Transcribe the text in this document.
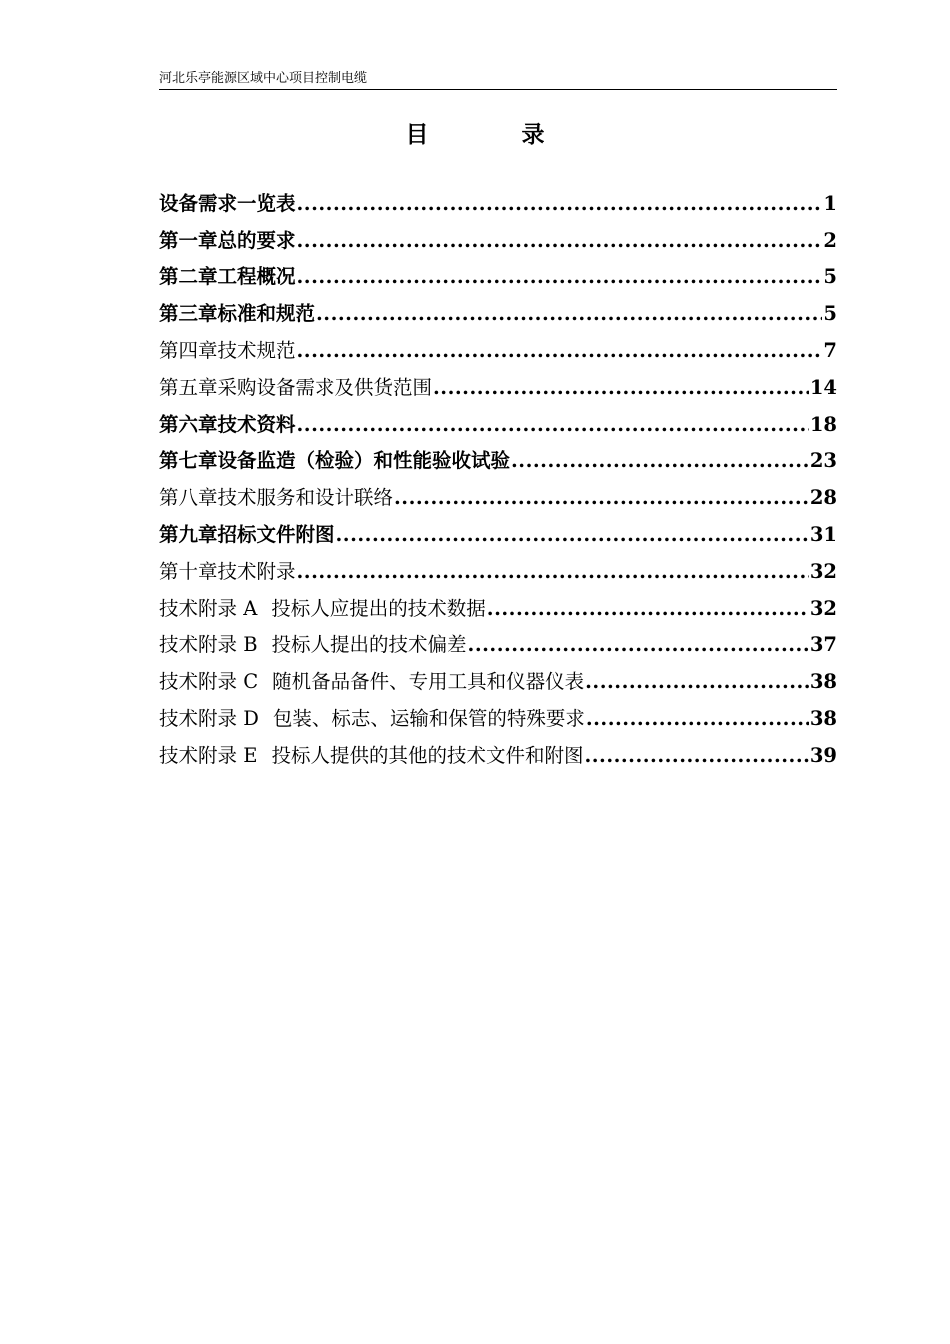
河北乐亭能源区域中心项目控制电缆
目	录
设备需求一览表 .....	1
第一章总的要求 .....	2
第二章工程概况 .....	5
第三章标准和规范 .....	5
第四章技术规范 .....	7
第五章采购设备需求及供货范围 .....	14
第六章技术资料 .....	18
第七章设备监造（检验）和性能验收试验 .....	23
第八章技术服务和设计联络 .....	28
第九章招标文件附图 .....	31
第十章技术附录 .....	32
技术附录 A 投标人应提出的技术数据 .....	32
技术附录 B 投标人提出的技术偏差 .....	37
技术附录 C 随机备品备件、专用工具和仪器仪表 .....	38
技术附录 D 包装、标志、运输和保管的特殊要求 .....	38
技术附录 E 投标人提供的其他的技术文件和附图 .....	39
